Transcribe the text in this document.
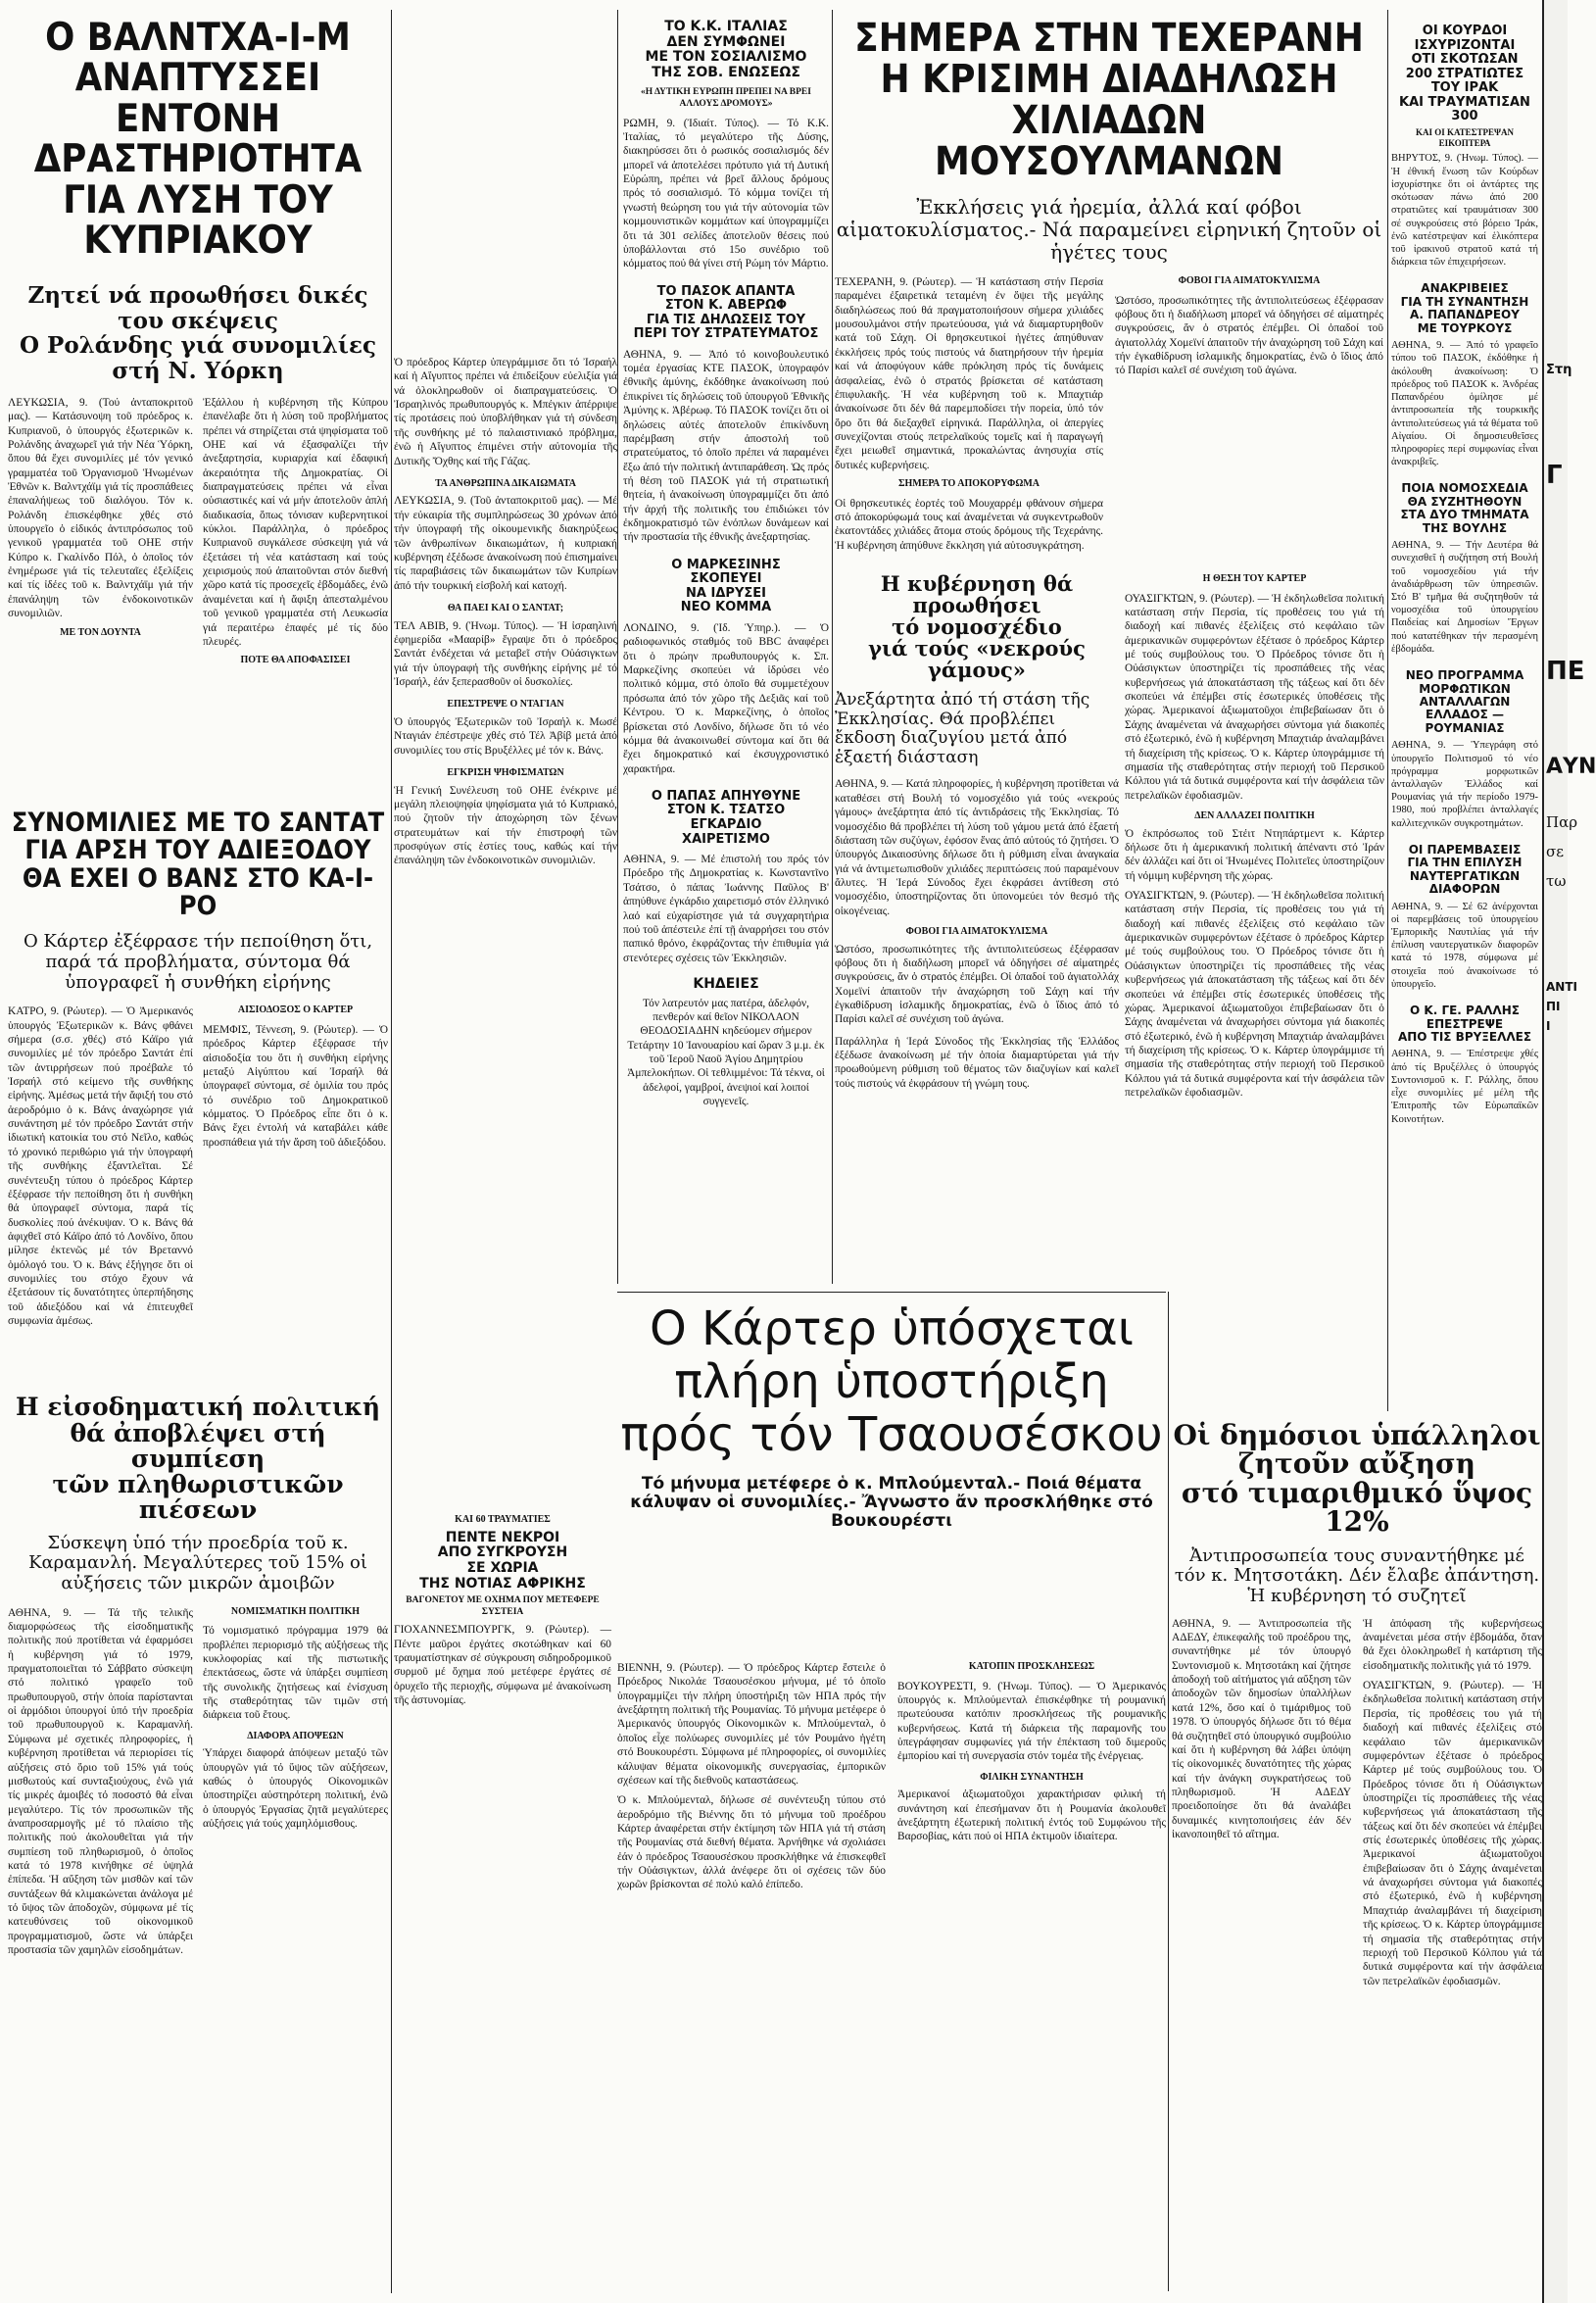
Ο ΒΑΛΝΤΧΑ-Ι-Μ ΑΝΑΠΤΥΣΣΕΙ
ΕΝΤΟΝΗ ΔΡΑΣΤΗΡΙΟΤΗΤΑ
ΓΙΑ ΛΥΣΗ ΤΟΥ ΚΥΠΡΙΑΚΟΥ
Ζητεί νά προωθήσει δικές του σκέψεις
Ο Ρολάνδης γιά συνομιλίες στή Ν. Υόρκη

ΛΕΥΚΩΣΙΑ, 9. (Τού ἀνταποκριτοῦ μας). — Κατάσυνοψη τοῦ πρόεδρος κ. Κυπριανοῦ, ὁ ὑπουργός ἐξωτερικῶν κ. Ρολάνδης ἀναχωρεῖ γιά τήν Νέα Ὑόρκη, ὅπου θά ἔχει συνομιλίες μέ τόν γενικό γραμματέα τοῦ Ὀργανισμοῦ Ἡνωμένων Ἐθνῶν κ. Βαλντχάϊμ γιά τίς προσπάθειες ἐπαναλήψεως τοῦ διαλόγου. Τόν κ. Ρολάνδη ἐπισκέφθηκε χθές στό ὑπουργεῖο ὁ εἰδικός ἀντιπρόσωπος τοῦ γενικοῦ γραμματέα τοῦ ΟΗΕ στήν Κύπρο κ. Γκαλίνδο Πόλ, ὁ ὁποῖος τόν ἐνημέρωσε γιά τίς τελευταῖες ἐξελίξεις καί τίς ἰδέες τοῦ κ. Βαλντχάϊμ γιά τήν ἐπανάληψη τῶν ἐνδοκοινοτικῶν συνομιλιῶν.

ΜΕ ΤΟΝ ΔΟΥΝΤΑ

Ἐξάλλου ἡ κυβέρνηση τῆς Κύπρου ἐπανέλαβε ὅτι ἡ λύση τοῦ προβλήματος πρέπει νά στηρίζεται στά ψηφίσματα τοῦ ΟΗΕ καί νά ἐξασφαλίζει τήν ἀνεξαρτησία, κυριαρχία καί ἑδαφική ἀκεραιότητα τῆς Δημοκρατίας. Οἱ διαπραγματεύσεις πρέπει νά εἶναι οὐσιαστικές καί νά μήν ἀποτελοῦν ἁπλή διαδικασία, ὅπως τόνισαν κυβερνητικοί κύκλοι. Παράλληλα, ὁ πρόεδρος Κυπριανοῦ συγκάλεσε σύσκεψη γιά νά ἐξετάσει τή νέα κατάσταση καί τούς χειρισμούς πού ἀπαιτοῦνται στόν διεθνή χῶρο κατά τίς προσεχεῖς ἑβδομάδες, ἐνῶ ἀναμένεται καί ἡ ἄφιξη ἀπεσταλμένου τοῦ γενικοῦ γραμματέα στή Λευκωσία γιά περαιτέρω ἐπαφές μέ τίς δύο πλευρές.

ΠΟΤΕ ΘΑ ΑΠΟΦΑΣΙΣΕΙ

ΣΥΝΟΜΙΛΙΕΣ ΜΕ ΤΟ ΣΑΝΤΑΤ
ΓΙΑ ΑΡΣΗ ΤΟΥ ΑΔΙΕΞΟΔΟΥ
ΘΑ ΕΧΕΙ Ο ΒΑΝΣ ΣΤΟ ΚΑ-Ι-ΡΟ

Ο Κάρτερ ἐξέφρασε τήν πεποίθηση ὅτι, παρά τά προβλήματα, σύντομα θά ὑπογραφεῖ ἡ συνθήκη εἰρήνης

ΚΑΤΡΟ, 9. (Ρώυτερ). — Ὁ Ἀμερικανός ὑπουργός Ἐξωτερικῶν κ. Βάνς φθάνει σήμερα (σ.σ. χθές) στό Κάϊρο γιά συνομιλίες μέ τόν πρόεδρο Σαντάτ ἐπί τῶν ἀντιρρήσεων πού προέβαλε τό Ἰσραήλ στό κείμενο τῆς συνθήκης εἰρήνης. Ἀμέσως μετά τήν ἄφιξή του στό ἀεροδρόμιο ὁ κ. Βάνς ἀναχώρησε γιά συνάντηση μέ τόν πρόεδρο Σαντάτ στήν ἰδιωτική κατοικία του στό Νεῖλο, καθώς τό χρονικό περιθώριο γιά τήν ὑπογραφή τῆς συνθήκης ἐξαντλεῖται. Σέ συνέντευξη τύπου ὁ πρόεδρος Κάρτερ ἐξέφρασε τήν πεποίθηση ὅτι ἡ συνθήκη θά ὑπογραφεῖ σύντομα, παρά τίς δυσκολίες πού ἀνέκυψαν. Ὁ κ. Βάνς θά ἀφιχθεῖ στό Κάϊρο ἀπό τό Λονδίνο, ὅπου μίλησε ἐκτενῶς μέ τόν Βρεταννό ὁμόλογό του. Ὁ κ. Βάνς ἐξήγησε ὅτι οἱ συνομιλίες του στόχο ἔχουν νά ἐξετάσουν τίς δυνατότητες ὑπερπήδησης τοῦ ἀδιεξόδου καί νά ἐπιτευχθεῖ συμφωνία ἀμέσως.

ΑΙΣΙΟΔΟΞΟΣ Ο ΚΑΡΤΕΡ

ΜΕΜΦΙΣ, Τέννεση, 9. (Ρώυτερ). — Ὁ πρόεδρος Κάρτερ ἐξέφρασε τήν αἰσιοδοξία του ὅτι ἡ συνθήκη εἰρήνης μεταξύ Αἰγύπτου καί Ἰσραήλ θά ὑπογραφεῖ σύντομα, σέ ὁμιλία του πρός τό συνέδριο τοῦ Δημοκρατικοῦ κόμματος. Ὁ Πρόεδρος εἶπε ὅτι ὁ κ. Βάνς ἔχει ἐντολή νά καταβάλει κάθε προσπάθεια γιά τήν ἄρση τοῦ ἀδιεξόδου.

Η εἰσοδηματική πολιτική
θά ἀποβλέψει στή συμπίεση
τῶν πληθωριστικῶν πιέσεων

Σύσκεψη ὑπό τήν προεδρία τοῦ κ. Καραμανλή. Μεγαλύτερες τοῦ 15% οἱ αὐξήσεις τῶν μικρῶν ἀμοιβῶν

ΑΘΗΝΑ, 9. — Τά τῆς τελικῆς διαμορφώσεως τῆς εἰσοδηματικῆς πολιτικῆς πού προτίθεται νά ἐφαρμόσει ἡ κυβέρνηση γιά τό 1979, πραγματοποιεῖται τό Σάββατο σύσκεψη στό πολιτικό γραφεῖο τοῦ πρωθυπουργοῦ, στήν ὁποία παρίστανται οἱ ἁρμόδιοι ὑπουργοί ὑπό τήν προεδρία τοῦ πρωθυπουργοῦ κ. Καραμανλή. Σύμφωνα μέ σχετικές πληροφορίες, ἡ κυβέρνηση προτίθεται νά περιορίσει τίς αὐξήσεις στό ὅριο τοῦ 15% γιά τούς μισθωτούς καί συνταξιούχους, ἐνῶ γιά τίς μικρές ἀμοιβές τό ποσοστό θά εἶναι μεγαλύτερο. Τίς τόν προσωπικῶν τῆς ἀναπροσαρμογῆς μέ τό πλαίσιο τῆς πολιτικῆς πού ἀκολουθεῖται γιά τήν συμπίεση τοῦ πληθωρισμοῦ, ὁ ὁποῖος κατά τό 1978 κινήθηκε σέ ὑψηλά ἐπίπεδα. Ἡ αὔξηση τῶν μισθῶν καί τῶν συντάξεων θά κλιμακώνεται ἀνάλογα μέ τό ὕψος τῶν ἀποδοχῶν, σύμφωνα μέ τίς κατευθύνσεις τοῦ οἰκονομικοῦ προγραμματισμοῦ, ὥστε νά ὑπάρξει προστασία τῶν χαμηλῶν εἰσοδημάτων.

ΝΟΜΙΣΜΑΤΙΚΗ ΠΟΛΙΤΙΚΗ

Τό νομισματικό πρόγραμμα 1979 θά προβλέπει περιορισμό τῆς αὐξήσεως τῆς κυκλοφορίας καί τῆς πιστωτικῆς ἐπεκτάσεως, ὥστε νά ὑπάρξει συμπίεση τῆς συνολικῆς ζητήσεως καί ἐνίσχυση τῆς σταθερότητας τῶν τιμῶν στή διάρκεια τοῦ ἔτους.

ΔΙΑΦΟΡΑ ΑΠΟΨΕΩΝ

Ὑπάρχει διαφορά ἀπόψεων μεταξύ τῶν ὑπουργῶν γιά τό ὕψος τῶν αὐξήσεων, καθώς ὁ ὑπουργός Οἰκονομικῶν ὑποστηρίζει αὐστηρότερη πολιτική, ἐνῶ ὁ ὑπουργός Ἐργασίας ζητᾶ μεγαλύτερες αὐξήσεις γιά τούς χαμηλόμισθους.

Ὁ πρόεδρος Κάρτερ ὑπεγράμμισε ὅτι τό Ἰσραήλ καί ἡ Αἴγυπτος πρέπει νά ἐπιδείξουν εὐελιξία γιά νά ὁλοκληρωθοῦν οἱ διαπραγματεύσεις. Ὁ Ἰσραηλινός πρωθυπουργός κ. Μπέγκιν ἀπέρριψε τίς προτάσεις πού ὑποβλήθηκαν γιά τή σύνδεση τῆς συνθήκης μέ τό παλαιστινιακό πρόβλημα, ἐνῶ ἡ Αἴγυπτος ἐπιμένει στήν αὐτονομία τῆς Δυτικῆς Ὄχθης καί τῆς Γάζας.

ΤΑ ΑΝΘΡΩΠΙΝΑ ΔΙΚΑΙΩΜΑΤΑ

ΛΕΥΚΩΣΙΑ, 9. (Τοῦ ἀνταποκριτοῦ μας). — Μέ τήν εὐκαιρία τῆς συμπληρώσεως 30 χρόνων ἀπό τήν ὑπογραφή τῆς οἰκουμενικῆς διακηρύξεως τῶν ἀνθρωπίνων δικαιωμάτων, ἡ κυπριακή κυβέρνηση ἐξέδωσε ἀνακοίνωση πού ἐπισημαίνει τίς παραβιάσεις τῶν δικαιωμάτων τῶν Κυπρίων ἀπό τήν τουρκική εἰσβολή καί κατοχή.

ΘΑ ΠΑΕΙ ΚΑΙ Ο ΣΑΝΤΑΤ;

ΤΕΛ ΑΒΙΒ, 9. (Ἡνωμ. Τύπος). — Ἡ ἰσραηλινή ἐφημερίδα «Μααρίβ» ἔγραψε ὅτι ὁ πρόεδρος Σαντάτ ἐνδέχεται νά μεταβεῖ στήν Οὐάσιγκτων γιά τήν ὑπογραφή τῆς συνθήκης εἰρήνης μέ τό Ἰσραήλ, ἐάν ξεπερασθοῦν οἱ δυσκολίες.

ΕΠΕΣΤΡΕΨΕ Ο ΝΤΑΓΙΑΝ

Ὁ ὑπουργός Ἐξωτερικῶν τοῦ Ἰσραήλ κ. Μωσέ Νταγιάν ἐπέστρεψε χθές στό Τέλ Ἀβίβ μετά ἀπό συνομιλίες του στίς Βρυξέλλες μέ τόν κ. Βάνς.

ΕΓΚΡΙΣΗ ΨΗΦΙΣΜΑΤΩΝ

Ἡ Γενική Συνέλευση τοῦ ΟΗΕ ἐνέκρινε μέ μεγάλη πλειοψηφία ψηφίσματα γιά τό Κυπριακό, πού ζητοῦν τήν ἀποχώρηση τῶν ξένων στρατευμάτων καί τήν ἐπιστροφή τῶν προσφύγων στίς ἑστίες τους, καθώς καί τήν ἐπανάληψη τῶν ἐνδοκοινοτικῶν συνομιλιῶν.

ΤΟ Κ.Κ. ΙΤΑΛΙΑΣ
ΔΕΝ ΣΥΜΦΩΝΕΙ
ΜΕ ΤΟΝ ΣΟΣΙΑΛΙΣΜΟ
ΤΗΣ ΣΟΒ. ΕΝΩΣΕΩΣ

«Η ΔΥΤΙΚΗ ΕΥΡΩΠΗ ΠΡΕΠΕΙ ΝΑ ΒΡΕΙ ΑΛΛΟΥΣ ΔΡΟΜΟΥΣ»

ΡΩΜΗ, 9. (Ἰδιαίτ. Τύπος). — Τό Κ.Κ. Ἰταλίας, τό μεγαλύτερο τῆς Δύσης, διακηρύσσει ὅτι ὁ ρωσικός σοσιαλισμός δέν μπορεῖ νά ἀποτελέσει πρότυπο γιά τή Δυτική Εὐρώπη, πρέπει νά βρεῖ ἄλλους δρόμους πρός τό σοσιαλισμό. Τό κόμμα τονίζει τή γνωστή θεώρηση του γιά τήν αὐτονομία τῶν κομμουνιστικῶν κομμάτων καί ὑπογραμμίζει ὅτι τά 301 σελίδες ἀποτελοῦν θέσεις πού ὑποβάλλονται στό 15ο συνέδριο τοῦ κόμματος πού θά γίνει στή Ρώμη τόν Μάρτιο.

ΤΟ ΠΑΣΟΚ ΑΠΑΝΤΑ
ΣΤΟΝ Κ. ΑΒΕΡΩΦ
ΓΙΑ ΤΙΣ ΔΗΛΩΣΕΙΣ ΤΟΥ
ΠΕΡΙ ΤΟΥ ΣΤΡΑΤΕΥΜΑΤΟΣ

ΑΘΗΝΑ, 9. — Ἀπό τό κοινοβουλευτικό τομέα ἐργασίας ΚΤΕ ΠΑΣΟΚ, ὑπογραφόν ἐθνικῆς ἀμύνης, ἐκδόθηκε ἀνακοίνωση πού ἐπικρίνει τίς δηλώσεις τοῦ ὑπουργοῦ Ἐθνικῆς Ἀμύνης κ. Ἀβέρωφ. Τό ΠΑΣΟΚ τονίζει ὅτι οἱ δηλώσεις αὐτές ἀποτελοῦν ἐπικίνδυνη παρέμβαση στήν ἀποστολή τοῦ στρατεύματος, τό ὁποῖο πρέπει νά παραμένει ἔξω ἀπό τήν πολιτική ἀντιπαράθεση. Ὡς πρός τή θέση τοῦ ΠΑΣΟΚ γιά τή στρατιωτική θητεία, ἡ ἀνακοίνωση ὑπογραμμίζει ὅτι ἀπό τήν ἀρχή τῆς πολιτικῆς του ἐπιδιώκει τόν ἐκδημοκρατισμό τῶν ἐνόπλων δυνάμεων καί τήν προστασία τῆς ἐθνικῆς ἀνεξαρτησίας.

Ο ΜΑΡΚΕΣΙΝΗΣ
ΣΚΟΠΕΥΕΙ
ΝΑ ΙΔΡΥΣΕΙ
ΝΕΟ ΚΟΜΜΑ

ΛΟΝΔΙΝΟ, 9. (Ἰδ. Ὑπηρ.). — Ὁ ραδιοφωνικός σταθμός τοῦ BBC ἀναφέρει ὅτι ὁ πρώην πρωθυπουργός κ. Σπ. Μαρκεζίνης σκοπεύει νά ἱδρύσει νέο πολιτικό κόμμα, στό ὁποῖο θά συμμετέχουν πρόσωπα ἀπό τόν χῶρο τῆς Δεξιᾶς καί τοῦ Κέντρου. Ὁ κ. Μαρκεζίνης, ὁ ὁποῖος βρίσκεται στό Λονδίνο, δήλωσε ὅτι τό νέο κόμμα θά ἀνακοινωθεί σύντομα καί ὅτι θά ἔχει δημοκρατικό καί ἐκσυγχρονιστικό χαρακτήρα.

Ο ΠΑΠΑΣ ΑΠΗΥΘΥΝΕ
ΣΤΟΝ Κ. ΤΣΑΤΣΟ
ΕΓΚΑΡΔΙΟ
ΧΑΙΡΕΤΙΣΜΟ

ΑΘΗΝΑ, 9. — Μέ ἐπιστολή του πρός τόν Πρόεδρο τῆς Δημοκρατίας κ. Κωνσταντῖνο Τσάτσο, ὁ πάπας Ἰωάννης Παῦλος Β' ἀπηύθυνε ἐγκάρδιο χαιρετισμό στόν ἑλληνικό λαό καί εὐχαρίστησε γιά τά συγχαρητήρια πού τοῦ ἀπέστειλε ἐπί τῇ ἀναρρήσει του στόν παπικό θρόνο, ἐκφράζοντας τήν ἐπιθυμία γιά στενότερες σχέσεις τῶν Ἐκκλησιῶν.

ΚΗΔΕΙΕΣ

Τόν λατρευτόν μας πατέρα, ἀδελφόν, πενθερόν καί θεῖον ΝΙΚΟΛΑΟΝ ΘΕΟΔΟΣΙΑΔΗΝ κηδεύομεν σήμερον Τετάρτην 10 Ἰανουαρίου καί ὥραν 3 μ.μ. ἐκ τοῦ Ἱεροῦ Ναοῦ Ἁγίου Δημητρίου Ἀμπελοκήπων. Οἱ τεθλιμμένοι: Τά τέκνα, οἱ ἀδελφοί, γαμβροί, ἀνεψιοί καί λοιποί συγγενεῖς.

ΣΗΜΕΡΑ ΣΤΗΝ ΤΕΧΕΡΑΝΗ
Η ΚΡΙΣΙΜΗ ΔΙΑΔΗΛΩΣΗ
ΧΙΛΙΑΔΩΝ ΜΟΥΣΟΥΛΜΑΝΩΝ

Ἐκκλήσεις γιά ἠρεμία, ἀλλά καί φόβοι αἱματοκυλίσματος.- Νά παραμείνει εἰρηνική ζητοῦν οἱ ἡγέτες τους

ΤΕΧΕΡΑΝΗ, 9. (Ρώυτερ). — Ἡ κατάσταση στήν Περσία παραμένει ἐξαιρετικά τεταμένη ἐν ὄψει τῆς μεγάλης διαδηλώσεως πού θά πραγματοποιήσουν σήμερα χιλιάδες μουσουλμάνοι στήν πρωτεύουσα, γιά νά διαμαρτυρηθοῦν κατά τοῦ Σάχη. Οἱ θρησκευτικοί ἡγέτες ἀπηύθυναν ἐκκλήσεις πρός τούς πιστούς νά διατηρήσουν τήν ἠρεμία καί νά ἀποφύγουν κάθε πρόκληση πρός τίς δυνάμεις ἀσφαλείας, ἐνῶ ὁ στρατός βρίσκεται σέ κατάσταση ἐπιφυλακῆς. Ἡ νέα κυβέρνηση τοῦ κ. Μπαχτιάρ ἀνακοίνωσε ὅτι δέν θά παρεμποδίσει τήν πορεία, ὑπό τόν ὅρο ὅτι θά διεξαχθεῖ εἰρηνικά. Παράλληλα, οἱ ἀπεργίες συνεχίζονται στούς πετρελαϊκούς τομεῖς καί ἡ παραγωγή ἔχει μειωθεῖ σημαντικά, προκαλώντας ἀνησυχία στίς δυτικές κυβερνήσεις.

ΣΗΜΕΡΑ ΤΟ ΑΠΟΚΟΡΥΦΩΜΑ

Οἱ θρησκευτικές ἑορτές τοῦ Μουχαρρέμ φθάνουν σήμερα στό ἀποκορύφωμά τους καί ἀναμένεται νά συγκεντρωθοῦν ἑκατοντάδες χιλιάδες ἄτομα στούς δρόμους τῆς Τεχεράνης. Ἡ κυβέρνηση ἀπηύθυνε ἔκκληση γιά αὐτοσυγκράτηση.

ΦΟΒΟΙ ΓΙΑ ΑΙΜΑΤΟΚΥΛΙΣΜΑ

Ὡστόσο, προσωπικότητες τῆς ἀντιπολιτεύσεως ἐξέφρασαν φόβους ὅτι ἡ διαδήλωση μπορεῖ νά ὁδηγήσει σέ αἱματηρές συγκρούσεις, ἄν ὁ στρατός ἐπέμβει. Οἱ ὀπαδοί τοῦ ἀγιατολλάχ Χομεϊνί ἀπαιτοῦν τήν ἀναχώρηση τοῦ Σάχη καί τήν ἐγκαθίδρυση ἰσλαμικῆς δημοκρατίας, ἐνῶ ὁ ἴδιος ἀπό τό Παρίσι καλεῖ σέ συνέχιση τοῦ ἀγώνα.

Η κυβέρνηση θά προωθήσει
τό νομοσχέδιο
γιά τούς «νεκρούς γάμους»

Ἀνεξάρτητα ἀπό τή στάση τῆς Ἐκκλησίας. Θά προβλέπει ἔκδοση διαζυγίου μετά ἀπό ἑξαετή διάσταση

ΑΘΗΝΑ, 9. — Κατά πληροφορίες, ἡ κυβέρνηση προτίθεται νά καταθέσει στή Βουλή τό νομοσχέδιο γιά τούς «νεκρούς γάμους» ἀνεξάρτητα ἀπό τίς ἀντιδράσεις τῆς Ἐκκλησίας. Τό νομοσχέδιο θά προβλέπει τή λύση τοῦ γάμου μετά ἀπό ἑξαετή διάσταση τῶν συζύγων, ἐφόσον ἕνας ἀπό αὐτούς τό ζητήσει. Ὁ ὑπουργός Δικαιοσύνης δήλωσε ὅτι ἡ ρύθμιση εἶναι ἀναγκαία γιά νά ἀντιμετωπισθοῦν χιλιάδες περιπτώσεις πού παραμένουν ἄλυτες. Ἡ Ἱερά Σύνοδος ἔχει ἐκφράσει ἀντίθεση στό νομοσχέδιο, ὑποστηρίζοντας ὅτι ὑπονομεύει τόν θεσμό τῆς οἰκογένειας.

ΦΟΒΟΙ ΓΙΑ ΑΙΜΑΤΟΚΥΛΙΣΜΑ

Ὡστόσο, προσωπικότητες τῆς ἀντιπολιτεύσεως ἐξέφρασαν φόβους ὅτι ἡ διαδήλωση μπορεῖ νά ὁδηγήσει σέ αἱματηρές συγκρούσεις, ἄν ὁ στρατός ἐπέμβει. Οἱ ὀπαδοί τοῦ ἀγιατολλάχ Χομεϊνί ἀπαιτοῦν τήν ἀναχώρηση τοῦ Σάχη καί τήν ἐγκαθίδρυση ἰσλαμικῆς δημοκρατίας, ἐνῶ ὁ ἴδιος ἀπό τό Παρίσι καλεῖ σέ συνέχιση τοῦ ἀγώνα.

Παράλληλα ἡ Ἱερά Σύνοδος τῆς Ἐκκλησίας τῆς Ἑλλάδος ἐξέδωσε ἀνακοίνωση μέ τήν ὁποία διαμαρτύρεται γιά τήν προωθούμενη ρύθμιση τοῦ θέματος τῶν διαζυγίων καί καλεῖ τούς πιστούς νά ἐκφράσουν τή γνώμη τους.

Η ΘΕΣΗ ΤΟΥ ΚΑΡΤΕΡ

ΟΥΑΣΙΓΚΤΩΝ, 9. (Ρώυτερ). — Ἡ ἐκδηλωθεῖσα πολιτική κατάσταση στήν Περσία, τίς προθέσεις του γιά τή διαδοχή καί πιθανές ἐξελίξεις στό κεφάλαιο τῶν ἀμερικανικῶν συμφερόντων ἐξέτασε ὁ πρόεδρος Κάρτερ μέ τούς συμβούλους του. Ὁ Πρόεδρος τόνισε ὅτι ἡ Οὐάσιγκτων ὑποστηρίζει τίς προσπάθειες τῆς νέας κυβερνήσεως γιά ἀποκατάσταση τῆς τάξεως καί ὅτι δέν σκοπεύει νά ἐπέμβει στίς ἐσωτερικές ὑποθέσεις τῆς χώρας. Ἀμερικανοί ἀξιωματοῦχοι ἐπιβεβαίωσαν ὅτι ὁ Σάχης ἀναμένεται νά ἀναχωρήσει σύντομα γιά διακοπές στό ἐξωτερικό, ἐνῶ ἡ κυβέρνηση Μπαχτιάρ ἀναλαμβάνει τή διαχείριση τῆς κρίσεως. Ὁ κ. Κάρτερ ὑπογράμμισε τή σημασία τῆς σταθερότητας στήν περιοχή τοῦ Περσικοῦ Κόλπου γιά τά δυτικά συμφέροντα καί τήν ἀσφάλεια τῶν πετρελαϊκῶν ἐφοδιασμῶν.

ΔΕΝ ΑΛΛΑΖΕΙ ΠΟΛΙΤΙΚΗ

Ὁ ἐκπρόσωπος τοῦ Στέιτ Ντηπάρτμεντ κ. Κάρτερ δήλωσε ὅτι ἡ ἀμερικανική πολιτική ἀπέναντι στό Ἰράν δέν ἀλλάζει καί ὅτι οἱ Ἡνωμένες Πολιτεῖες ὑποστηρίζουν τή νόμιμη κυβέρνηση τῆς χώρας.

ΟΥΑΣΙΓΚΤΩΝ, 9. (Ρώυτερ). — Ἡ ἐκδηλωθεῖσα πολιτική κατάσταση στήν Περσία, τίς προθέσεις του γιά τή διαδοχή καί πιθανές ἐξελίξεις στό κεφάλαιο τῶν ἀμερικανικῶν συμφερόντων ἐξέτασε ὁ πρόεδρος Κάρτερ μέ τούς συμβούλους του. Ὁ Πρόεδρος τόνισε ὅτι ἡ Οὐάσιγκτων ὑποστηρίζει τίς προσπάθειες τῆς νέας κυβερνήσεως γιά ἀποκατάσταση τῆς τάξεως καί ὅτι δέν σκοπεύει νά ἐπέμβει στίς ἐσωτερικές ὑποθέσεις τῆς χώρας. Ἀμερικανοί ἀξιωματοῦχοι ἐπιβεβαίωσαν ὅτι ὁ Σάχης ἀναμένεται νά ἀναχωρήσει σύντομα γιά διακοπές στό ἐξωτερικό, ἐνῶ ἡ κυβέρνηση Μπαχτιάρ ἀναλαμβάνει τή διαχείριση τῆς κρίσεως. Ὁ κ. Κάρτερ ὑπογράμμισε τή σημασία τῆς σταθερότητας στήν περιοχή τοῦ Περσικοῦ Κόλπου γιά τά δυτικά συμφέροντα καί τήν ἀσφάλεια τῶν πετρελαϊκῶν ἐφοδιασμῶν.

Ο Κάρτερ ὑπόσχεται
πλήρη ὑποστήριξη
πρός τόν Τσαουσέσκου

Τό μήνυμα μετέφερε ὁ κ. Μπλούμενταλ.- Ποιά θέματα κάλυψαν οἱ συνομιλίες.- Ἄγνωστο ἄν προσκλήθηκε στό Βουκουρέστι

ΒΙΕΝΝΗ, 9. (Ρώυτερ). — Ὁ πρόεδρος Κάρτερ ἔστειλε ὁ Πρόεδρος Νικολάε Τσαουσέσκου μήνυμα, μέ τό ὁποῖο ὑπογραμμίζει τήν πλήρη ὑποστήριξη τῶν ΗΠΑ πρός τήν ἀνεξάρτητη πολιτική τῆς Ρουμανίας. Τό μήνυμα μετέφερε ὁ Ἀμερικανός ὑπουργός Οἰκονομικῶν κ. Μπλούμενταλ, ὁ ὁποῖος εἶχε πολύωρες συνομιλίες μέ τόν Ρουμάνο ἡγέτη στό Βουκουρέστι. Σύμφωνα μέ πληροφορίες, οἱ συνομιλίες κάλυψαν θέματα οἰκονομικῆς συνεργασίας, ἐμπορικῶν σχέσεων καί τῆς διεθνοῦς καταστάσεως.

Ὁ κ. Μπλούμενταλ, δήλωσε σέ συνέντευξη τύπου στό ἀεροδρόμιο τῆς Βιέννης ὅτι τό μήνυμα τοῦ προέδρου Κάρτερ ἀναφέρεται στήν ἐκτίμηση τῶν ΗΠΑ γιά τή στάση τῆς Ρουμανίας στά διεθνή θέματα. Ἀρνήθηκε νά σχολιάσει ἐάν ὁ πρόεδρος Τσαουσέσκου προσκλήθηκε νά ἐπισκεφθεῖ τήν Οὐάσιγκτων, ἀλλά ἀνέφερε ὅτι οἱ σχέσεις τῶν δύο χωρῶν βρίσκονται σέ πολύ καλό ἐπίπεδο.

ΚΑΤΟΠΙΝ ΠΡΟΣΚΛΗΣΕΩΣ

ΒΟΥΚΟΥΡΕΣΤΙ, 9. (Ἡνωμ. Τύπος). — Ὁ Ἀμερικανός ὑπουργός κ. Μπλούμενταλ ἐπισκέφθηκε τή ρουμανική πρωτεύουσα κατόπιν προσκλήσεως τῆς ρουμανικῆς κυβερνήσεως. Κατά τή διάρκεια τῆς παραμονῆς του ὑπεγράφησαν συμφωνίες γιά τήν ἐπέκταση τοῦ διμεροῦς ἐμπορίου καί τή συνεργασία στόν τομέα τῆς ἐνέργειας.

ΦΙΛΙΚΗ ΣΥΝΑΝΤΗΣΗ

Ἀμερικανοί ἀξιωματοῦχοι χαρακτήρισαν φιλική τή συνάντηση καί ἐπεσήμαναν ὅτι ἡ Ρουμανία ἀκολουθεῖ ἀνεξάρτητη ἐξωτερική πολιτική ἐντός τοῦ Συμφώνου τῆς Βαρσοβίας, κάτι πού οἱ ΗΠΑ ἐκτιμοῦν ἰδιαίτερα.

ΚΑΙ 60 ΤΡΑΥΜΑΤΙΕΣ

ΠΕΝΤΕ ΝΕΚΡΟΙ
ΑΠΟ ΣΥΓΚΡΟΥΣΗ
ΣΕ ΧΩΡΙΑ
ΤΗΣ ΝΟΤΙΑΣ ΑΦΡΙΚΗΣ

ΒΑΓΟΝΕΤΟΥ ΜΕ ΟΧΗΜΑ ΠΟΥ ΜΕΤΕΦΕΡΕ ΣΥΣΤΕΙΑ

ΓΙΟΧΑΝΝΕΣΜΠΟΥΡΓΚ, 9. (Ρώυτερ). — Πέντε μαῦροι ἐργάτες σκοτώθηκαν καί 60 τραυματίστηκαν σέ σύγκρουση σιδηροδρομικοῦ συρμοῦ μέ ὄχημα πού μετέφερε ἐργάτες σέ ὀρυχεῖο τῆς περιοχῆς, σύμφωνα μέ ἀνακοίνωση τῆς ἀστυνομίας.

ΟΙ ΚΟΥΡΔΟΙ ΙΣΧΥΡΙΖΟΝΤΑΙ
ΟΤΙ ΣΚΟΤΩΣΑΝ
200 ΣΤΡΑΤΙΩΤΕΣ ΤΟΥ ΙΡΑΚ
ΚΑΙ ΤΡΑΥΜΑΤΙΣΑΝ 300

ΚΑΙ ΟΙ ΚΑΤΕΣΤΡΕΨΑΝ ΕΙΚΟΠΤΕΡΑ

ΒΗΡΥΤΟΣ, 9. (Ἡνωμ. Τύπος). — Ἡ ἐθνική ἕνωση τῶν Κούρδων ἰσχυρίστηκε ὅτι οἱ ἀντάρτες της σκότωσαν πάνω ἀπό 200 στρατιῶτες καί τραυμάτισαν 300 σέ συγκρούσεις στό βόρειο Ἰράκ, ἐνῶ κατέστρεψαν καί ἑλικόπτερα τοῦ ἰρακινοῦ στρατοῦ κατά τή διάρκεια τῶν ἐπιχειρήσεων.

ΑΝΑΚΡΙΒΕΙΕΣ
ΓΙΑ ΤΗ ΣΥΝΑΝΤΗΣΗ
Α. ΠΑΠΑΝΔΡΕΟΥ
ΜΕ ΤΟΥΡΚΟΥΣ

ΑΘΗΝΑ, 9. — Ἀπό τό γραφεῖο τύπου τοῦ ΠΑΣΟΚ, ἐκδόθηκε ἡ ἀκόλουθη ἀνακοίνωση: Ὁ πρόεδρος τοῦ ΠΑΣΟΚ κ. Ἀνδρέας Παπανδρέου ὁμίλησε μέ ἀντιπροσωπεία τῆς τουρκικῆς ἀντιπολιτεύσεως γιά τά θέματα τοῦ Αἰγαίου. Οἱ δημοσιευθεῖσες πληροφορίες περί συμφωνίας εἶναι ἀνακριβεῖς.

ΠΟΙΑ ΝΟΜΟΣΧΕΔΙΑ
ΘΑ ΣΥΖΗΤΗΘΟΥΝ
ΣΤΑ ΔΥΟ ΤΜΗΜΑΤΑ
ΤΗΣ ΒΟΥΛΗΣ

ΑΘΗΝΑ, 9. — Τήν Δευτέρα θά συνεχισθεῖ ἡ συζήτηση στή Βουλή τοῦ νομοσχεδίου γιά τήν ἀναδιάρθρωση τῶν ὑπηρεσιῶν. Στό Β' τμῆμα θά συζητηθοῦν τά νομοσχέδια τοῦ ὑπουργείου Παιδείας καί Δημοσίων Ἔργων πού κατατέθηκαν τήν περασμένη ἑβδομάδα.

ΝΕΟ ΠΡΟΓΡΑΜΜΑ
ΜΟΡΦΩΤΙΚΩΝ
ΑΝΤΑΛΛΑΓΩΝ
ΕΛΛΑΔΟΣ — ΡΟΥΜΑΝΙΑΣ

ΑΘΗΝΑ, 9. — Ὑπεγράφη στό ὑπουργεῖο Πολιτισμοῦ τό νέο πρόγραμμα μορφωτικῶν ἀνταλλαγῶν Ἑλλάδος καί Ρουμανίας γιά τήν περίοδο 1979-1980, πού προβλέπει ἀνταλλαγές καλλιτεχνικῶν συγκροτημάτων.

ΟΙ ΠΑΡΕΜΒΑΣΕΙΣ
ΓΙΑ ΤΗΝ ΕΠΙΛΥΣΗ
ΝΑΥΤΕΡΓΑΤΙΚΩΝ
ΔΙΑΦΟΡΩΝ

ΑΘΗΝΑ, 9. — Σέ 62 ἀνέρχονται οἱ παρεμβάσεις τοῦ ὑπουργείου Ἐμπορικῆς Ναυτιλίας γιά τήν ἐπίλυση ναυτεργατικῶν διαφορῶν κατά τό 1978, σύμφωνα μέ στοιχεῖα πού ἀνακοίνωσε τό ὑπουργεῖο.

Ο Κ. ΓΕ. ΡΑΛΛΗΣ
ΕΠΕΣΤΡΕΨΕ
ΑΠΟ ΤΙΣ ΒΡΥΞΕΛΛΕΣ

ΑΘΗΝΑ, 9. — Ἐπέστρεψε χθές ἀπό τίς Βρυξέλλες ὁ ὑπουργός Συντονισμοῦ κ. Γ. Ράλλης, ὅπου εἶχε συνομιλίες μέ μέλη τῆς Ἐπιτροπῆς τῶν Εὐρωπαϊκῶν Κοινοτήτων.

Οἱ δημόσιοι ὑπάλληλοι
ζητοῦν αὔξηση
στό τιμαριθμικό ὕψος 12%

Ἀντιπροσωπεία τους συναντήθηκε μέ τόν κ. Μητσοτάκη. Δέν ἔλαβε ἀπάντηση. Ἡ κυβέρνηση τό συζητεῖ

ΑΘΗΝΑ, 9. — Ἀντιπροσωπεία τῆς ΑΔΕΔΥ, ἐπικεφαλῆς τοῦ προέδρου της, συναντήθηκε μέ τόν ὑπουργό Συντονισμοῦ κ. Μητσοτάκη καί ζήτησε ἀποδοχή τοῦ αἰτήματος γιά αὔξηση τῶν ἀποδοχῶν τῶν δημοσίων ὑπαλλήλων κατά 12%, ὅσο καί ὁ τιμάριθμος τοῦ 1978. Ὁ ὑπουργός δήλωσε ὅτι τό θέμα θά συζητηθεῖ στό ὑπουργικό συμβούλιο καί ὅτι ἡ κυβέρνηση θά λάβει ὑπόψη τίς οἰκονομικές δυνατότητες τῆς χώρας καί τήν ἀνάγκη συγκρατήσεως τοῦ πληθωρισμοῦ. Ἡ ΑΔΕΔΥ προειδοποίησε ὅτι θά ἀναλάβει δυναμικές κινητοποιήσεις ἐάν δέν ἱκανοποιηθεῖ τό αἴτημα.

Ἡ ἀπόφαση τῆς κυβερνήσεως ἀναμένεται μέσα στήν ἑβδομάδα, ὅταν θά ἔχει ὁλοκληρωθεῖ ἡ κατάρτιση τῆς εἰσοδηματικῆς πολιτικῆς γιά τό 1979.

ΟΥΑΣΙΓΚΤΩΝ, 9. (Ρώυτερ). — Ἡ ἐκδηλωθεῖσα πολιτική κατάσταση στήν Περσία, τίς προθέσεις του γιά τή διαδοχή καί πιθανές ἐξελίξεις στό κεφάλαιο τῶν ἀμερικανικῶν συμφερόντων ἐξέτασε ὁ πρόεδρος Κάρτερ μέ τούς συμβούλους του. Ὁ Πρόεδρος τόνισε ὅτι ἡ Οὐάσιγκτων ὑποστηρίζει τίς προσπάθειες τῆς νέας κυβερνήσεως γιά ἀποκατάσταση τῆς τάξεως καί ὅτι δέν σκοπεύει νά ἐπέμβει στίς ἐσωτερικές ὑποθέσεις τῆς χώρας. Ἀμερικανοί ἀξιωματοῦχοι ἐπιβεβαίωσαν ὅτι ὁ Σάχης ἀναμένεται νά ἀναχωρήσει σύντομα γιά διακοπές στό ἐξωτερικό, ἐνῶ ἡ κυβέρνηση Μπαχτιάρ ἀναλαμβάνει τή διαχείριση τῆς κρίσεως. Ὁ κ. Κάρτερ ὑπογράμμισε τή σημασία τῆς σταθερότητας στήν περιοχή τοῦ Περσικοῦ Κόλπου γιά τά δυτικά συμφέροντα καί τήν ἀσφάλεια τῶν πετρελαϊκῶν ἐφοδιασμῶν.

Στη
Γ
ΠΕ
ΑΥΝ
Παρ
σε
τω
ΑΝΤΙ
ΠΙ
Ι
